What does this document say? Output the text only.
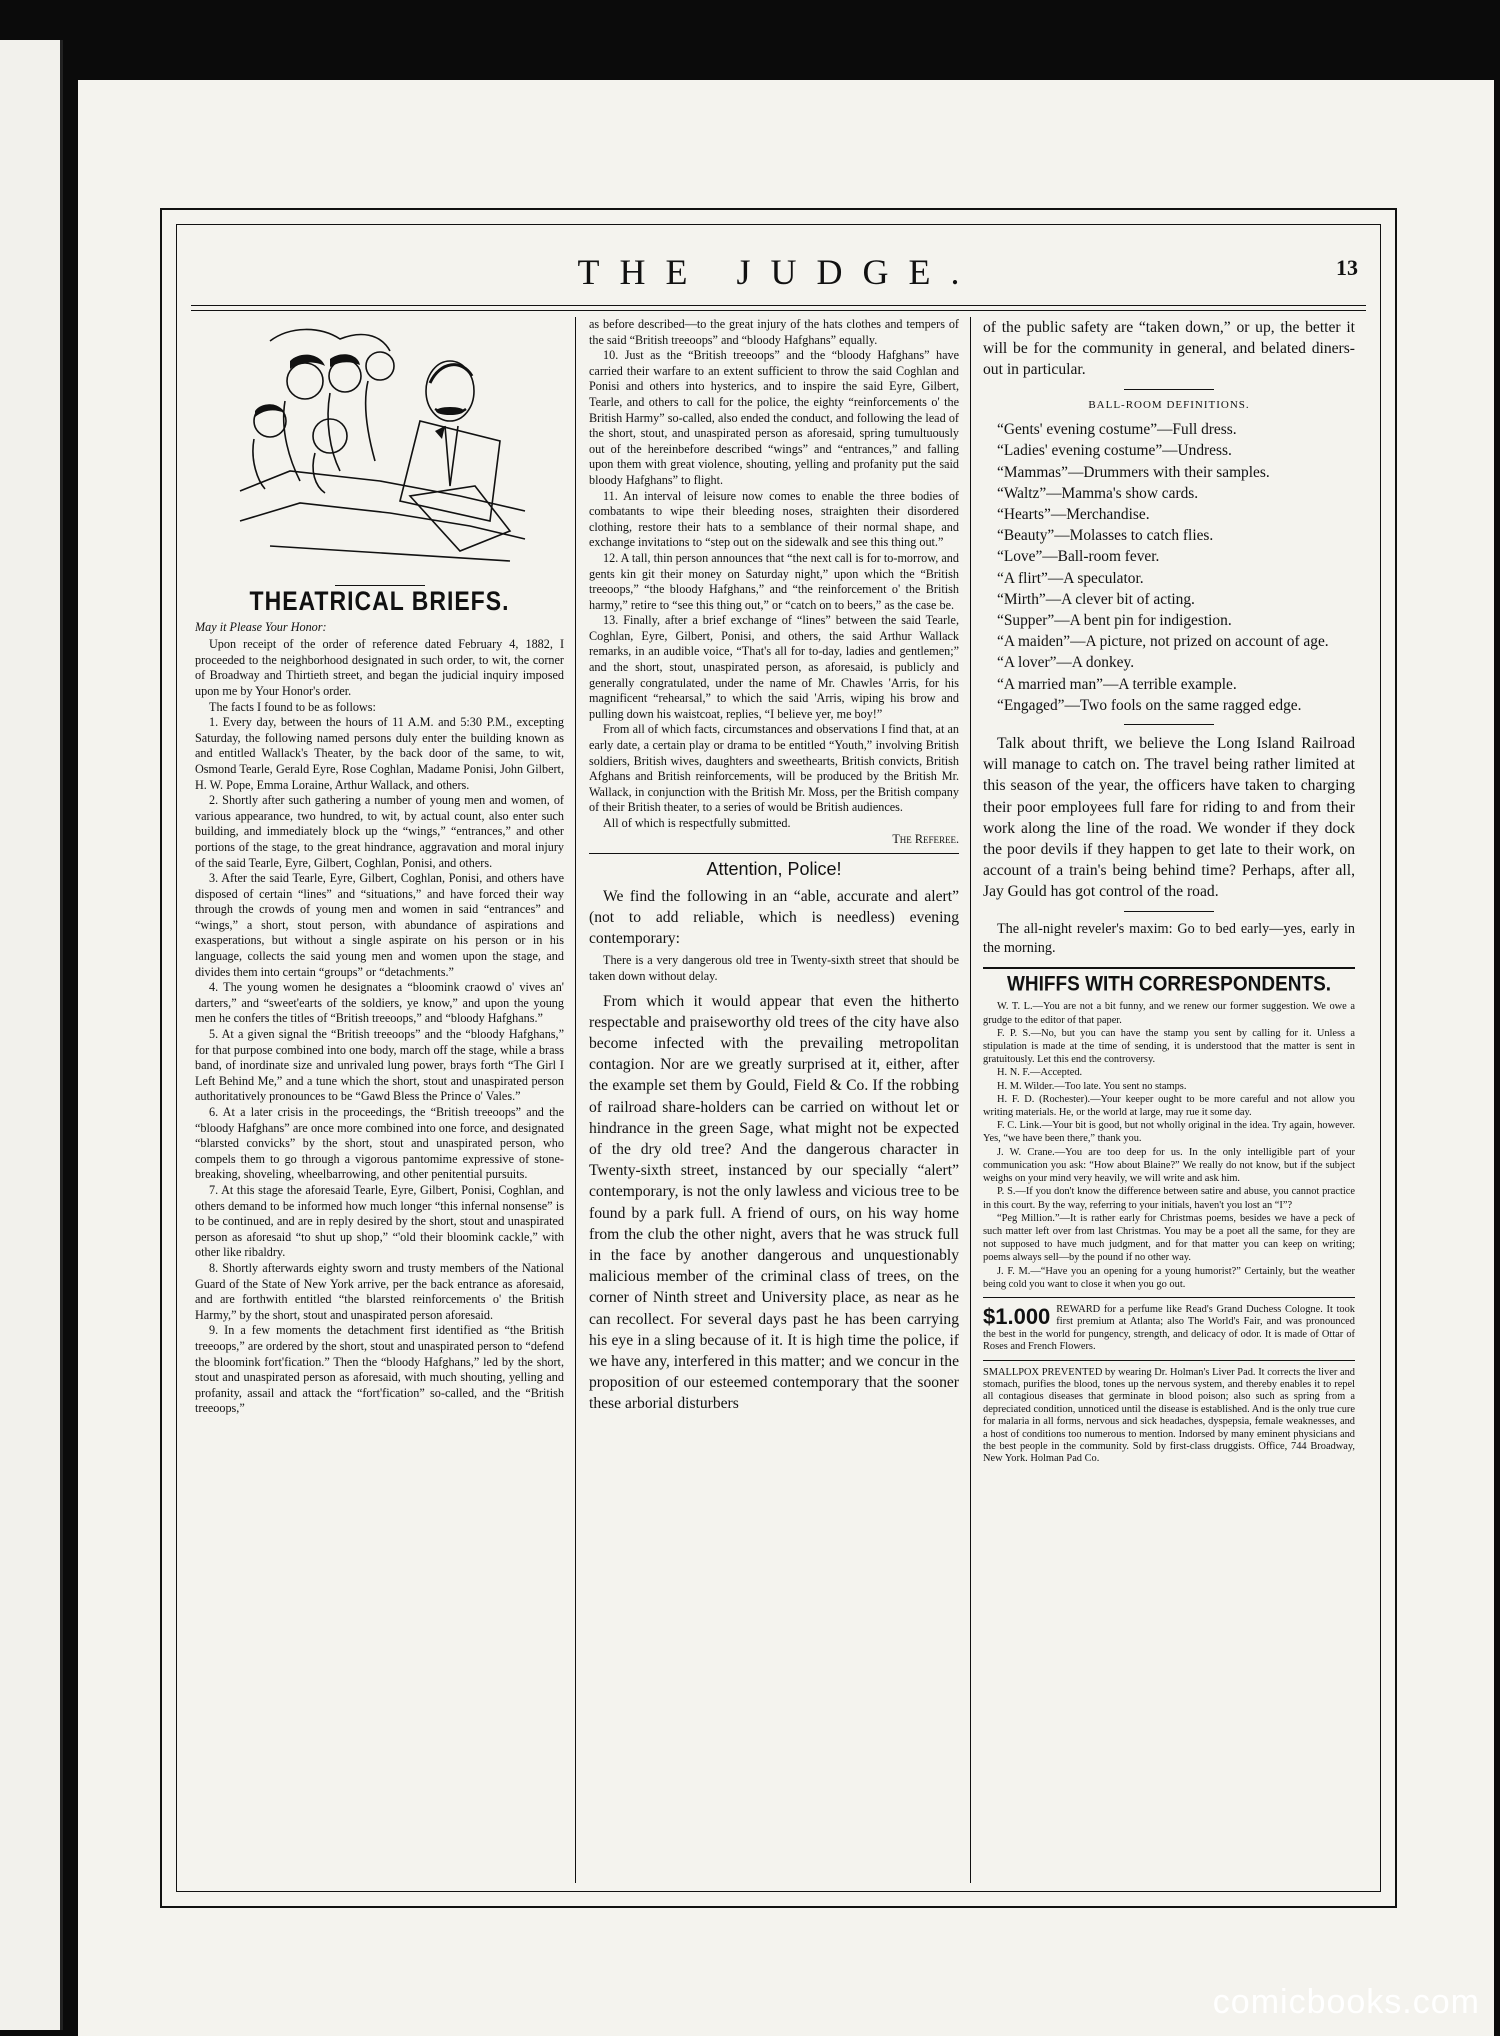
THE JUDGE.	13
THEATRICAL BRIEFS.

May it Please Your Honor:

Upon receipt of the order of reference dated February 4, 1882, I proceeded to the neighborhood designated in such order, to wit, the corner of Broadway and Thirtieth street, and began the judicial inquiry imposed upon me by Your Honor's order.

The facts I found to be as follows:

1. Every day, between the hours of 11 A.M. and 5:30 P.M., excepting Saturday, the following named persons duly enter the building known as and entitled Wallack's Theater, by the back door of the same, to wit, Osmond Tearle, Gerald Eyre, Rose Coghlan, Madame Ponisi, John Gilbert, H. W. Pope, Emma Loraine, Arthur Wallack, and others.

2. Shortly after such gathering a number of young men and women, of various appearance, two hundred, to wit, by actual count, also enter such building, and immediately block up the “wings,” “entrances,” and other portions of the stage, to the great hindrance, aggravation and moral injury of the said Tearle, Eyre, Gilbert, Coghlan, Ponisi, and others.

3. After the said Tearle, Eyre, Gilbert, Coghlan, Ponisi, and others have disposed of certain “lines” and “situations,” and have forced their way through the crowds of young men and women in said “entrances” and “wings,” a short, stout person, with abundance of aspirations and exasperations, but without a single aspirate on his person or in his language, collects the said young men and women upon the stage, and divides them into certain “groups” or “detachments.”

4. The young women he designates a “bloomink craowd o' vives an' darters,” and “sweet'earts of the soldiers, ye know,” and upon the young men he confers the titles of “British treeoops,” and “bloody Hafghans.”

5. At a given signal the “British treeoops” and the “bloody Hafghans,” for that purpose combined into one body, march off the stage, while a brass band, of inordinate size and unrivaled lung power, brays forth “The Girl I Left Behind Me,” and a tune which the short, stout and unaspirated person authoritatively pronounces to be “Gawd Bless the Prince o' Vales.”

6. At a later crisis in the proceedings, the “British treeoops” and the “bloody Hafghans” are once more combined into one force, and designated “blarsted convicks” by the short, stout and unaspirated person, who compels them to go through a vigorous pantomime expressive of stone-breaking, shoveling, wheelbarrowing, and other penitential pursuits.

7. At this stage the aforesaid Tearle, Eyre, Gilbert, Ponisi, Coghlan, and others demand to be informed how much longer “this infernal nonsense” is to be continued, and are in reply desired by the short, stout and unaspirated person as aforesaid “to shut up shop,” “'old their bloomink cackle,” with other like ribaldry.

8. Shortly afterwards eighty sworn and trusty members of the National Guard of the State of New York arrive, per the back entrance as aforesaid, and are forthwith entitled “the blarsted reinforcements o' the British Harmy,” by the short, stout and unaspirated person aforesaid.

9. In a few moments the detachment first identified as “the British treeoops,” are ordered by the short, stout and unaspirated person to “defend the bloomink fort'fication.” Then the “bloody Hafghans,” led by the short, stout and unaspirated person as aforesaid, with much shouting, yelling and profanity, assail and attack the “fort'fication” so-called, and the “British treeoops,”

as before described—to the great injury of the hats clothes and tempers of the said “British treeoops” and “bloody Hafghans” equally.

10. Just as the “British treeoops” and the “bloody Hafghans” have carried their warfare to an extent sufficient to throw the said Coghlan and Ponisi and others into hysterics, and to inspire the said Eyre, Gilbert, Tearle, and others to call for the police, the eighty “reinforcements o' the British Harmy” so-called, also ended the conduct, and following the lead of the short, stout, and unaspirated person as aforesaid, spring tumultuously out of the hereinbefore described “wings” and “entrances,” and falling upon them with great violence, shouting, yelling and profanity put the said bloody Hafghans” to flight.

11. An interval of leisure now comes to enable the three bodies of combatants to wipe their bleeding noses, straighten their disordered clothing, restore their hats to a semblance of their normal shape, and exchange invitations to “step out on the sidewalk and see this thing out.”

12. A tall, thin person announces that “the next call is for to-morrow, and gents kin git their money on Saturday night,” upon which the “British treeoops,” “the bloody Hafghans,” and “the reinforcement o' the British harmy,” retire to “see this thing out,” or “catch on to beers,” as the case be.

13. Finally, after a brief exchange of “lines” between the said Tearle, Coghlan, Eyre, Gilbert, Ponisi, and others, the said Arthur Wallack remarks, in an audible voice, “That's all for to-day, ladies and gentlemen;” and the short, stout, unaspirated person, as aforesaid, is publicly and generally congratulated, under the name of Mr. Chawles 'Arris, for his magnificent “rehearsal,” to which the said 'Arris, wiping his brow and pulling down his waistcoat, replies, “I believe yer, me boy!”

From all of which facts, circumstances and observations I find that, at an early date, a certain play or drama to be entitled “Youth,” involving British soldiers, British wives, daughters and sweethearts, British convicts, British Afghans and British reinforcements, will be produced by the British Mr. Wallack, in conjunction with the British Mr. Moss, per the British company of their British theater, to a series of would be British audiences.

All of which is respectfully submitted.

The Referee.

Attention, Police!

We find the following in an “able, accurate and alert” (not to add reliable, which is needless) evening contemporary:

There is a very dangerous old tree in Twenty-sixth street that should be taken down without delay.

From which it would appear that even the hitherto respectable and praiseworthy old trees of the city have also become infected with the prevailing metropolitan contagion. Nor are we greatly surprised at it, either, after the example set them by Gould, Field & Co. If the robbing of railroad share-holders can be carried on without let or hindrance in the green Sage, what might not be expected of the dry old tree? And the dangerous character in Twenty-sixth street, instanced by our specially “alert” contemporary, is not the only lawless and vicious tree to be found by a park full. A friend of ours, on his way home from the club the other night, avers that he was struck full in the face by another dangerous and unquestionably malicious member of the criminal class of trees, on the corner of Ninth street and University place, as near as he can recollect. For several days past he has been carrying his eye in a sling because of it. It is high time the police, if we have any, interfered in this matter; and we concur in the proposition of our esteemed contemporary that the sooner these arborial disturbers

of the public safety are “taken down,” or up, the better it will be for the community in general, and belated diners-out in particular.

BALL-ROOM DEFINITIONS.
“Gents' evening costume”—Full dress.
“Ladies' evening costume”—Undress.
“Mammas”—Drummers with their samples.
“Waltz”—Mamma's show cards.
“Hearts”—Merchandise.
“Beauty”—Molasses to catch flies.
“Love”—Ball-room fever.
“A flirt”—A speculator.
“Mirth”—A clever bit of acting.
“Supper”—A bent pin for indigestion.
“A maiden”—A picture, not prized on account of age.
“A lover”—A donkey.
“A married man”—A terrible example.
“Engaged”—Two fools on the same ragged edge.

Talk about thrift, we believe the Long Island Railroad will manage to catch on. The travel being rather limited at this season of the year, the officers have taken to charging their poor employees full fare for riding to and from their work along the line of the road. We wonder if they dock the poor devils if they happen to get late to their work, on account of a train's being behind time? Perhaps, after all, Jay Gould has got control of the road.

The all-night reveler's maxim: Go to bed early—yes, early in the morning.

WHIFFS WITH CORRESPONDENTS.

W. T. L.—You are not a bit funny, and we renew our former suggestion. We owe a grudge to the editor of that paper.

F. P. S.—No, but you can have the stamp you sent by calling for it. Unless a stipulation is made at the time of sending, it is understood that the matter is sent in gratuitously. Let this end the controversy.

H. N. F.—Accepted.

H. M. Wilder.—Too late. You sent no stamps.

H. F. D. (Rochester).—Your keeper ought to be more careful and not allow you writing materials. He, or the world at large, may rue it some day.

F. C. Link.—Your bit is good, but not wholly original in the idea. Try again, however. Yes, “we have been there,” thank you.

J. W. Crane.—You are too deep for us. In the only intelligible part of your communication you ask: “How about Blaine?” We really do not know, but if the subject weighs on your mind very heavily, we will write and ask him.

P. S.—If you don't know the difference between satire and abuse, you cannot practice in this court. By the way, referring to your initials, haven't you lost an “I”?

“Peg Million.”—It is rather early for Christmas poems, besides we have a peck of such matter left over from last Christmas. You may be a poet all the same, for they are not supposed to have much judgment, and for that matter you can keep on writing; poems always sell—by the pound if no other way.

J. F. M.—“Have you an opening for a young humorist?” Certainly, but the weather being cold you want to close it when you go out.

$1.000 REWARD for a perfume like Read's Grand Duchess Cologne. It took first premium at Atlanta; also The World's Fair, and was pronounced the best in the world for pungency, strength, and delicacy of odor. It is made of Ottar of Roses and French Flowers.
SMALLPOX PREVENTED by wearing Dr. Holman's Liver Pad. It corrects the liver and stomach, purifies the blood, tones up the nervous system, and thereby enables it to repel all contagious diseases that germinate in blood poison; also such as spring from a depreciated condition, unnoticed until the disease is established. And is the only true cure for malaria in all forms, nervous and sick headaches, dyspepsia, female weaknesses, and a host of conditions too numerous to mention. Indorsed by many eminent physicians and the best people in the community. Sold by first-class druggists. Office, 744 Broadway, New York. Holman Pad Co.
comicbooks.com
